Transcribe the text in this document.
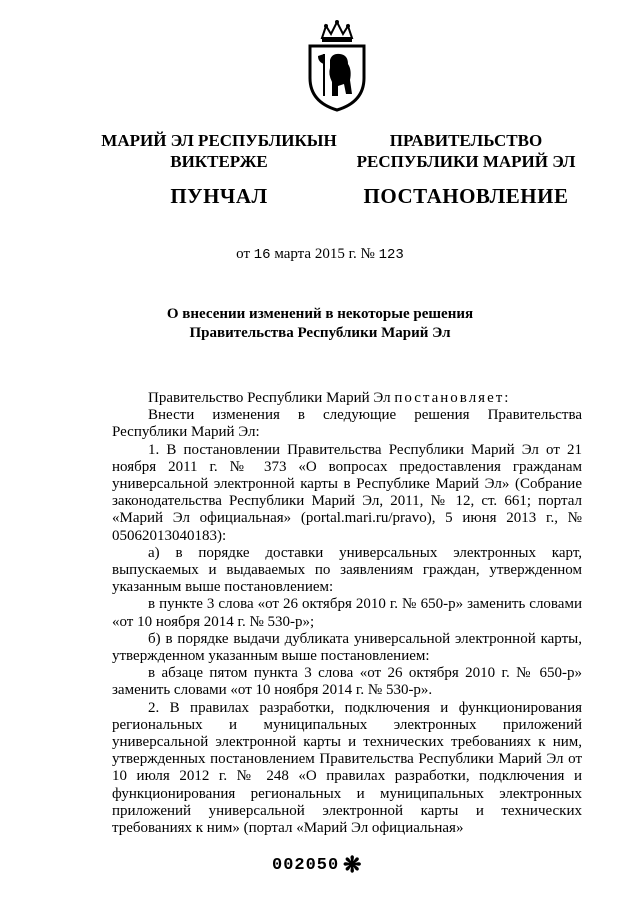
МАРИЙ ЭЛ РЕСПУБЛИКЫН
ВИКТЕРЖЕ
ПУНЧАЛ
ПРАВИТЕЛЬСТВО
РЕСПУБЛИКИ МАРИЙ ЭЛ
ПОСТАНОВЛЕНИЕ
от 16 марта 2015 г. № 123
О внесении изменений в некоторые решения
Правительства Республики Марий Эл

Правительство Республики Марий Эл постановляет:

Внести изменения в следующие решения Правительства Республики Марий Эл:

1. В постановлении Правительства Республики Марий Эл от 21 ноября 2011 г. № 373 «О вопросах предоставления гражданам универсальной электронной карты в Республике Марий Эл» (Собрание законодательства Республики Марий Эл, 2011, № 12, ст. 661; портал «Марий Эл официальная» (portal.mari.ru/pravo), 5 июня 2013 г., № 05062013040183):

а) в порядке доставки универсальных электронных карт, выпускаемых и выдаваемых по заявлениям граждан, утвержденном указанным выше постановлением:

в пункте 3 слова «от 26 октября 2010 г. № 650-р» заменить словами «от 10 ноября 2014 г. № 530-р»;

б) в порядке выдачи дубликата универсальной электронной карты, утвержденном указанным выше постановлением:

в абзаце пятом пункта 3 слова «от 26 октября 2010 г. № 650-р» заменить словами «от 10 ноября 2014 г. № 530-р».

2. В правилах разработки, подключения и функционирования региональных и муниципальных электронных приложений универсальной электронной карты и технических требованиях к ним, утвержденных постановлением Правительства Республики Марий Эл от 10 июля 2012 г. № 248 «О правилах разработки, подключения и функционирования региональных и муниципальных электронных приложений универсальной электронной карты и технических требованиях к ним» (портал «Марий Эл официальная»

002050 ❋
